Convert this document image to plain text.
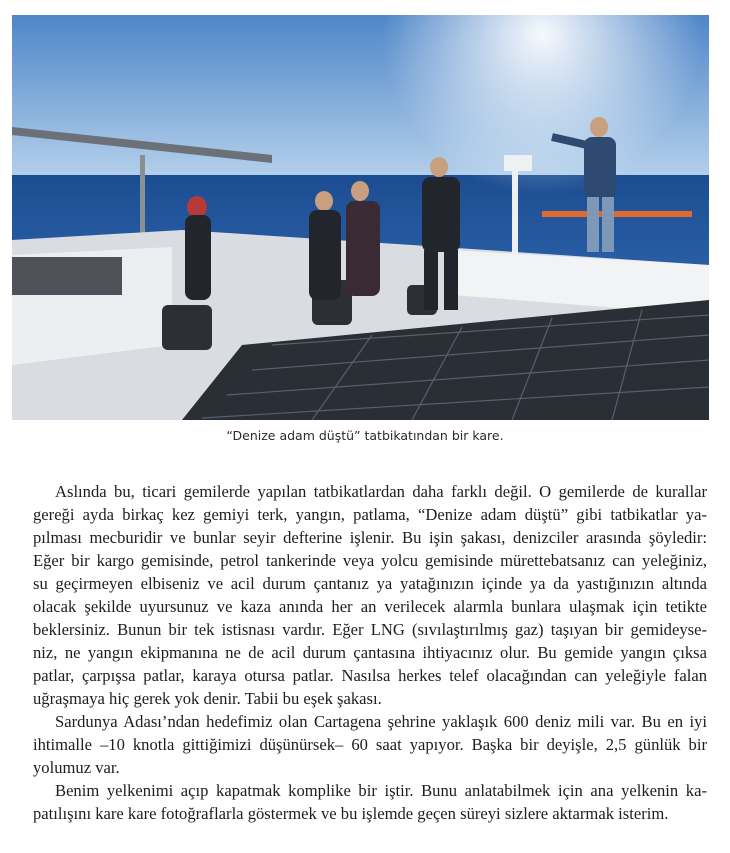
“Denize adam düştü” tatbikatından bir kare.

Aslında bu, ticari gemilerde yapılan tatbikatlardan daha farklı değil. O gemilerde de kurallar
gereği ayda birkaç kez gemiyi terk, yangın, patlama, “Denize adam düştü” gibi tatbikatlar ya-
pılması mecburidir ve bunlar seyir defterine işlenir. Bu işin şakası, denizciler arasında şöyledir:
Eğer bir kargo gemisinde, petrol tankerinde veya yolcu gemisinde mürettebatsanız can yeleğiniz,
su geçirmeyen elbiseniz ve acil durum çantanız ya yatağınızın içinde ya da yastığınızın altında
olacak şekilde uyursunuz ve kaza anında her an verilecek alarmla bunlara ulaşmak için tetikte
beklersiniz. Bunun bir tek istisnası vardır. Eğer LNG (sıvılaştırılmış gaz) taşıyan bir gemideyse-
niz, ne yangın ekipmanına ne de acil durum çantasına ihtiyacınız olur. Bu gemide yangın çıksa
patlar, çarpışsa patlar, karaya otursa patlar. Nasılsa herkes telef olacağından can yeleğiyle falan
uğraşmaya hiç gerek yok denir. Tabii bu eşek şakası.

Sardunya Adası’ndan hedefimiz olan Cartagena şehrine yaklaşık 600 deniz mili var. Bu en iyi
ihtimalle –10 knotla gittiğimizi düşünürsek– 60 saat yapıyor. Başka bir deyişle, 2,5 günlük bir
yolumuz var.

Benim yelkenimi açıp kapatmak komplike bir iştir. Bunu anlatabilmek için ana yelkenin ka-
patılışını kare kare fotoğraflarla göstermek ve bu işlemde geçen süreyi sizlere aktarmak isterim.
